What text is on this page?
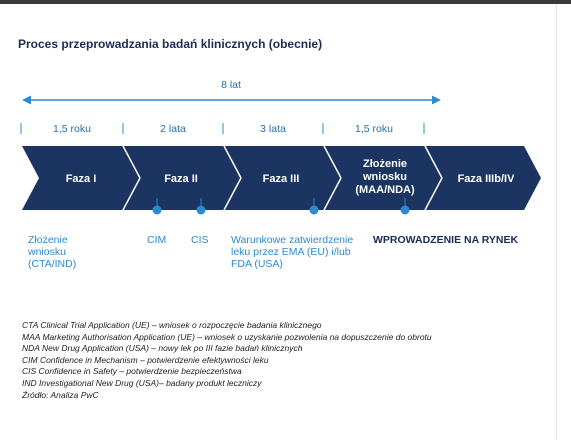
Proces przeprowadzania badań klinicznych (obecnie)
8 lat
1,5 roku	2 lata	3 lata	1,5 roku
Faza I	Faza II	Faza III
Złożenie
wniosku
(MAA/NDA)
Faza IIIb/IV
Złożenie wniosku (CTA/IND)
CIM CIS Warunkowe zatwierdzenie leku przez EMA (EU) i/lub FDA (USA)
WPROWADZENIE NA RYNEK
CTA Clinical Trial Application (UE) – wniosek o rozpoczęcie badania klinicznego
MAA Marketing Authorisation Application (UE) – wniosek o uzyskanie pozwolenia na dopuszczenie do obrotu
NDA New Drug Application (USA) – nowy lek po III fazie badań klinicznych
CIM Confidence in Mechanism – potwierdzenie efektywności leku
CIS Confidence in Safety – potwierdzenie bezpieczeństwa
IND Investigational New Drug (USA)– badany produkt leczniczy
Źródło: Analiza PwC
